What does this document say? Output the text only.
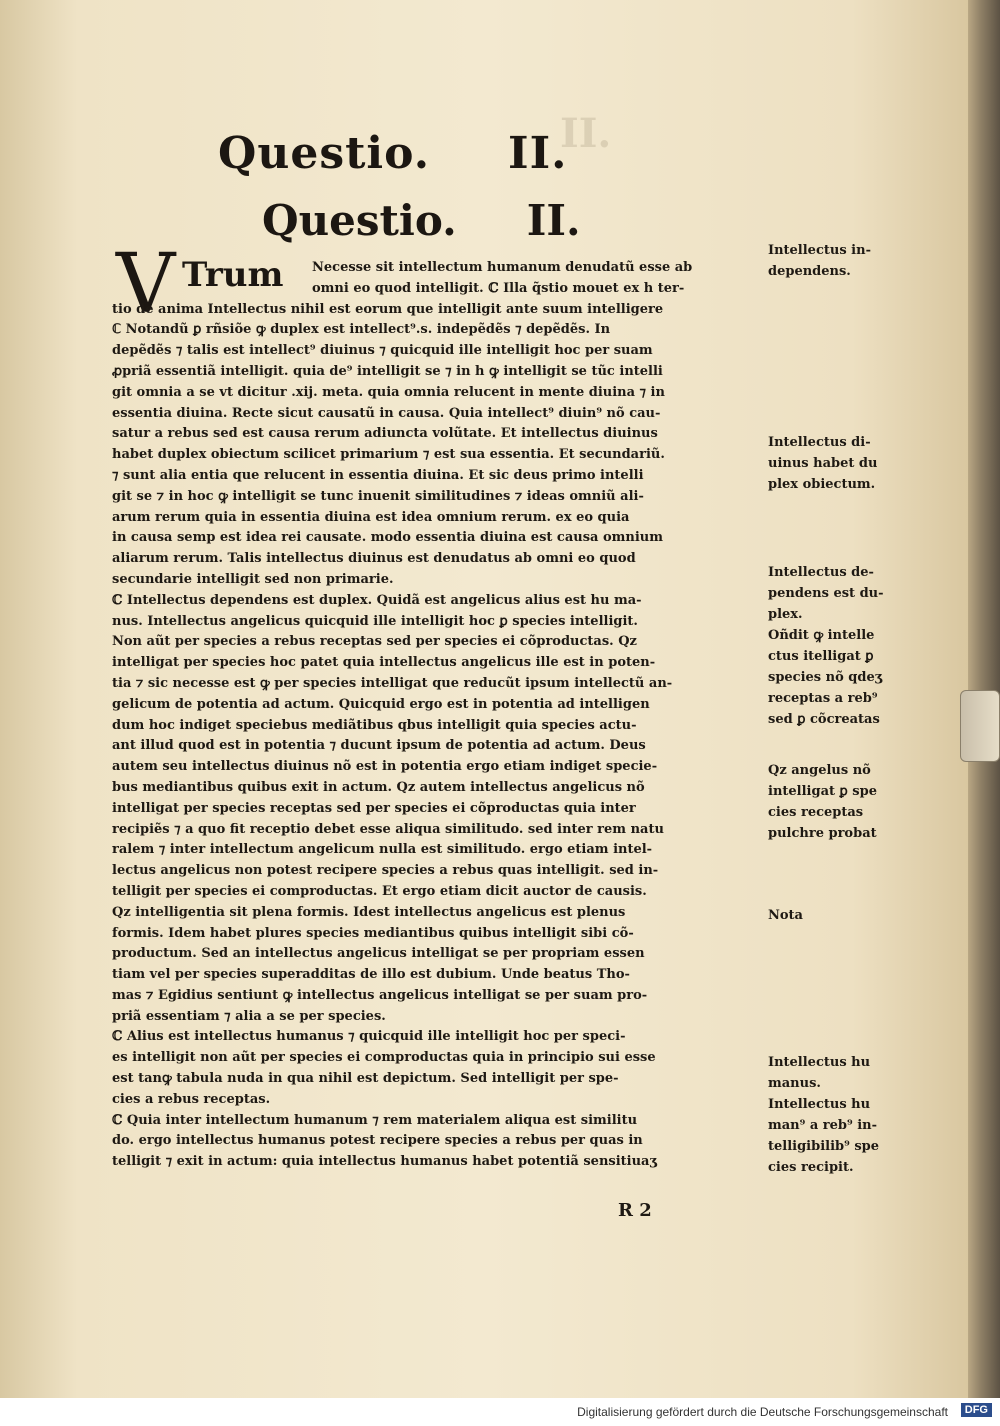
II.
Questio. II.
Questio. II.
V Trum	Necesse sit intellectum humanum denudatũ esse ab
omni eo quod intelligit. ℂ Illa q̃stio mouet ex h ter-
tio de anima Intellectus nihil est eorum que intelligit ante suum intelligere
ℂ Notandũ ꝑ rñsiõe ꝙ duplex est intellect⁹.s. indepẽdẽs ⁊ depẽdẽs. In
depẽdẽs ⁊ talis est intellect⁹ diuinus ⁊ quicquid ille intelligit hoc per suam
ꝓpriã essentiã intelligit. quia de⁹ intelligit se ⁊ in h ꝙ intelligit se tũc intelli
git omnia a se vt dicitur .xij. meta. quia omnia relucent in mente diuina ⁊ in
essentia diuina. Recte sicut causatũ in causa. Quia intellect⁹ diuin⁹ nõ cau-
satur a rebus sed est causa rerum adiuncta volũtate. Et intellectus diuinus
habet duplex obiectum scilicet primarium ⁊ est sua essentia. Et secundariũ.
⁊ sunt alia entia que relucent in essentia diuina. Et sic deus primo intelli
git se ⁊ in hoc ꝙ intelligit se tunc inuenit similitudines ⁊ ideas omniũ ali-
arum rerum quia in essentia diuina est idea omnium rerum. ex eo quia
in causa semp est idea rei causate. modo essentia diuina est causa omnium
aliarum rerum. Talis intellectus diuinus est denudatus ab omni eo quod
secundarie intelligit sed non primarie.
ℂ Intellectus dependens est duplex. Quidã est angelicus alius est hu ma-
nus. Intellectus angelicus quicquid ille intelligit hoc ꝑ species intelligit.
Non aũt per species a rebus receptas sed per species ei cõproductas. Qz
intelligat per species hoc patet quia intellectus angelicus ille est in poten-
tia ⁊ sic necesse est ꝙ per species intelligat que reducũt ipsum intellectũ an-
gelicum de potentia ad actum. Quicquid ergo est in potentia ad intelligen
dum hoc indiget speciebus mediãtibus qbus intelligit quia species actu-
ant illud quod est in potentia ⁊ ducunt ipsum de potentia ad actum. Deus
autem seu intellectus diuinus nõ est in potentia ergo etiam indiget specie-
bus mediantibus quibus exit in actum. Qz autem intellectus angelicus nõ
intelligat per species receptas sed per species ei cõproductas quia inter
recipiẽs ⁊ a quo fit receptio debet esse aliqua similitudo. sed inter rem natu
ralem ⁊ inter intellectum angelicum nulla est similitudo. ergo etiam intel-
lectus angelicus non potest recipere species a rebus quas intelligit. sed in-
telligit per species ei comproductas. Et ergo etiam dicit auctor de causis.
Qz intelligentia sit plena formis. Idest intellectus angelicus est plenus
formis. Idem habet plures species mediantibus quibus intelligit sibi cõ-
productum. Sed an intellectus angelicus intelligat se per propriam essen
tiam vel per species superadditas de illo est dubium. Unde beatus Tho-
mas ⁊ Egidius sentiunt ꝙ intellectus angelicus intelligat se per suam pro-
priã essentiam ⁊ alia a se per species.
ℂ Alius est intellectus humanus ⁊ quicquid ille intelligit hoc per speci-
es intelligit non aũt per species ei comproductas quia in principio sui esse
est tanꝙ tabula nuda in qua nihil est depictum. Sed intelligit per spe-
cies a rebus receptas.
ℂ Quia inter intellectum humanum ⁊ rem materialem aliqua est similitu
do. ergo intellectus humanus potest recipere species a rebus per quas in
telligit ⁊ exit in actum: quia intellectus humanus habet potentiã sensitiuaʒ
Intellectus in-
dependens.
Intellectus di-
uinus habet du
plex obiectum.
Intellectus de-
pendens est du-
plex.
Oñdit ꝙ intelle
ctus itelligat ꝑ
species nõ qdeʒ
receptas a reb⁹
sed ꝑ cõcreatas
Qz angelus nõ
intelligat ꝑ spe
cies receptas
pulchre probat
Nota
Intellectus hu
manus.
Intellectus hu
man⁹ a reb⁹ in-
telligibilib⁹ spe
cies recipit.
R 2
Digitalisierung gefördert durch die Deutsche Forschungsgemeinschaft	DFG
